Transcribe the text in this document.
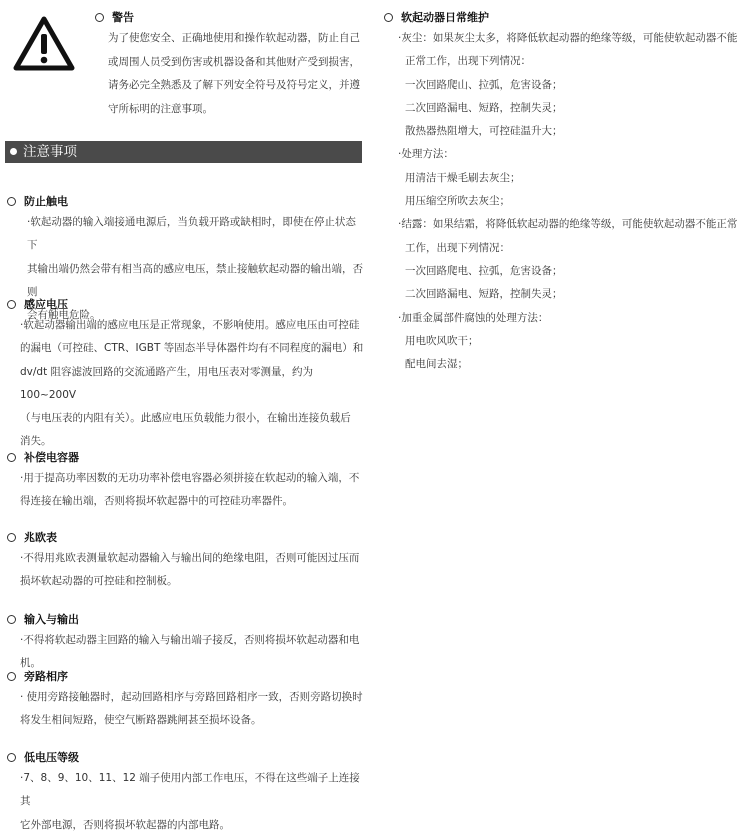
警告
为了使您安全、正确地使用和操作软起动器，防止自己
或周围人员受到伤害或机器设备和其他财产受到损害，
请务必完全熟悉及了解下列安全符号及符号定义，并遵
守所标明的注意事项。
注意事项
防止触电
·软起动器的输入端接通电源后，当负载开路或缺相时，即使在停止状态 下
其输出端仍然会带有相当高的感应电压，禁止接触软起动器的输出端，否则
会有触电危险。
感应电压
·软起动器输出端的感应电压是正常现象，不影响使用。感应电压由可控硅
的漏电（可控硅、CTR、IGBT 等固态半导体器件均有不同程度的漏电）和
dv/dt 阻容滤波回路的交流通路产生，用电压表对零测量，约为 100~200V
（与电压表的内阻有关）。此感应电压负载能力很小，在输出连接负载后
消失。
补偿电容器
·用于提高功率因数的无功功率补偿电容器必须拼接在软起动的输入端，不
得连接在输出端，否则将损坏软起器中的可控硅功率器件。
兆欧表
·不得用兆欧表测量软起动器输入与输出间的绝缘电阻，否则可能因过压而
损坏软起动器的可控硅和控制板。
输入与输出
·不得将软起动器主回路的输入与输出端子接反，否则将损坏软起动器和电机。
旁路相序
· 使用旁路接触器时，起动回路相序与旁路回路相序一致，否则旁路切换时
将发生相间短路，使空气断路器跳闸甚至损坏设备。
低电压等级
·7、8、9、10、11、12 端子使用内部工作电压，不得在这些端子上连接其
它外部电源，否则将损坏软起器的内部电路。
软起动器日常维护
·灰尘：如果灰尘太多，将降低软起动器的绝缘等级，可能使软起动器不能
正常工作，出现下列情况：
一次回路爬山、拉弧，危害设备；
二次回路漏电、短路，控制失灵；
散热器热阻增大，可控硅温升大；
·处理方法：
用清洁干燥毛刷去灰尘；
用压缩空所吹去灰尘；
·结露：如果结霜，将降低软起动器的绝缘等级，可能使软起动器不能正常
工作，出现下列情况：
一次回路爬电、拉弧，危害设备；
二次回路漏电、短路，控制失灵；
·加重金属部件腐蚀的处理方法：
用电吹风吹干；
配电间去湿；
